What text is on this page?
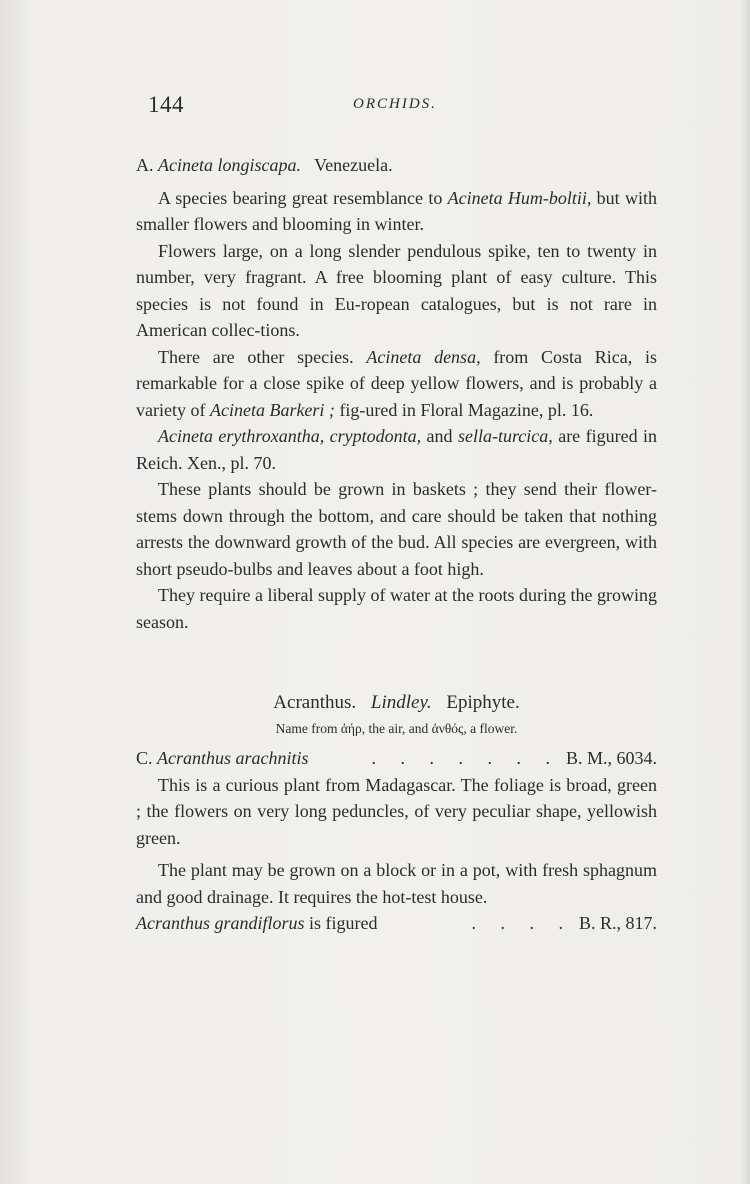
144	ORCHIDS.

A. Acineta longiscapa. Venezuela.

A species bearing great resemblance to Acineta Hum-boltii, but with smaller flowers and blooming in winter.

Flowers large, on a long slender pendulous spike, ten to twenty in number, very fragrant. A free blooming plant of easy culture. This species is not found in Eu-ropean catalogues, but is not rare in American collec-tions.

There are other species. Acineta densa, from Costa Rica, is remarkable for a close spike of deep yellow flowers, and is probably a variety of Acineta Barkeri ; fig-ured in Floral Magazine, pl. 16.

Acineta erythroxantha, cryptodonta, and sella-turcica, are figured in Reich. Xen., pl. 70.

These plants should be grown in baskets ; they send their flower-stems down through the bottom, and care should be taken that nothing arrests the downward growth of the bud. All species are evergreen, with short pseudo-bulbs and leaves about a foot high.

They require a liberal supply of water at the roots during the growing season.

Acranthus. Lindley. Epiphyte.
Name from ἀήρ, the air, and ἀνθός, a flower.
C. Acranthus arachnitis	. . . . . . . B. M., 6034.

This is a curious plant from Madagascar. The foliage is broad, green ; the flowers on very long peduncles, of very peculiar shape, yellowish green.

The plant may be grown on a block or in a pot, with fresh sphagnum and good drainage. It requires the hot-test house.

Acranthus grandiflorus is figured	. . . . B. R., 817.
